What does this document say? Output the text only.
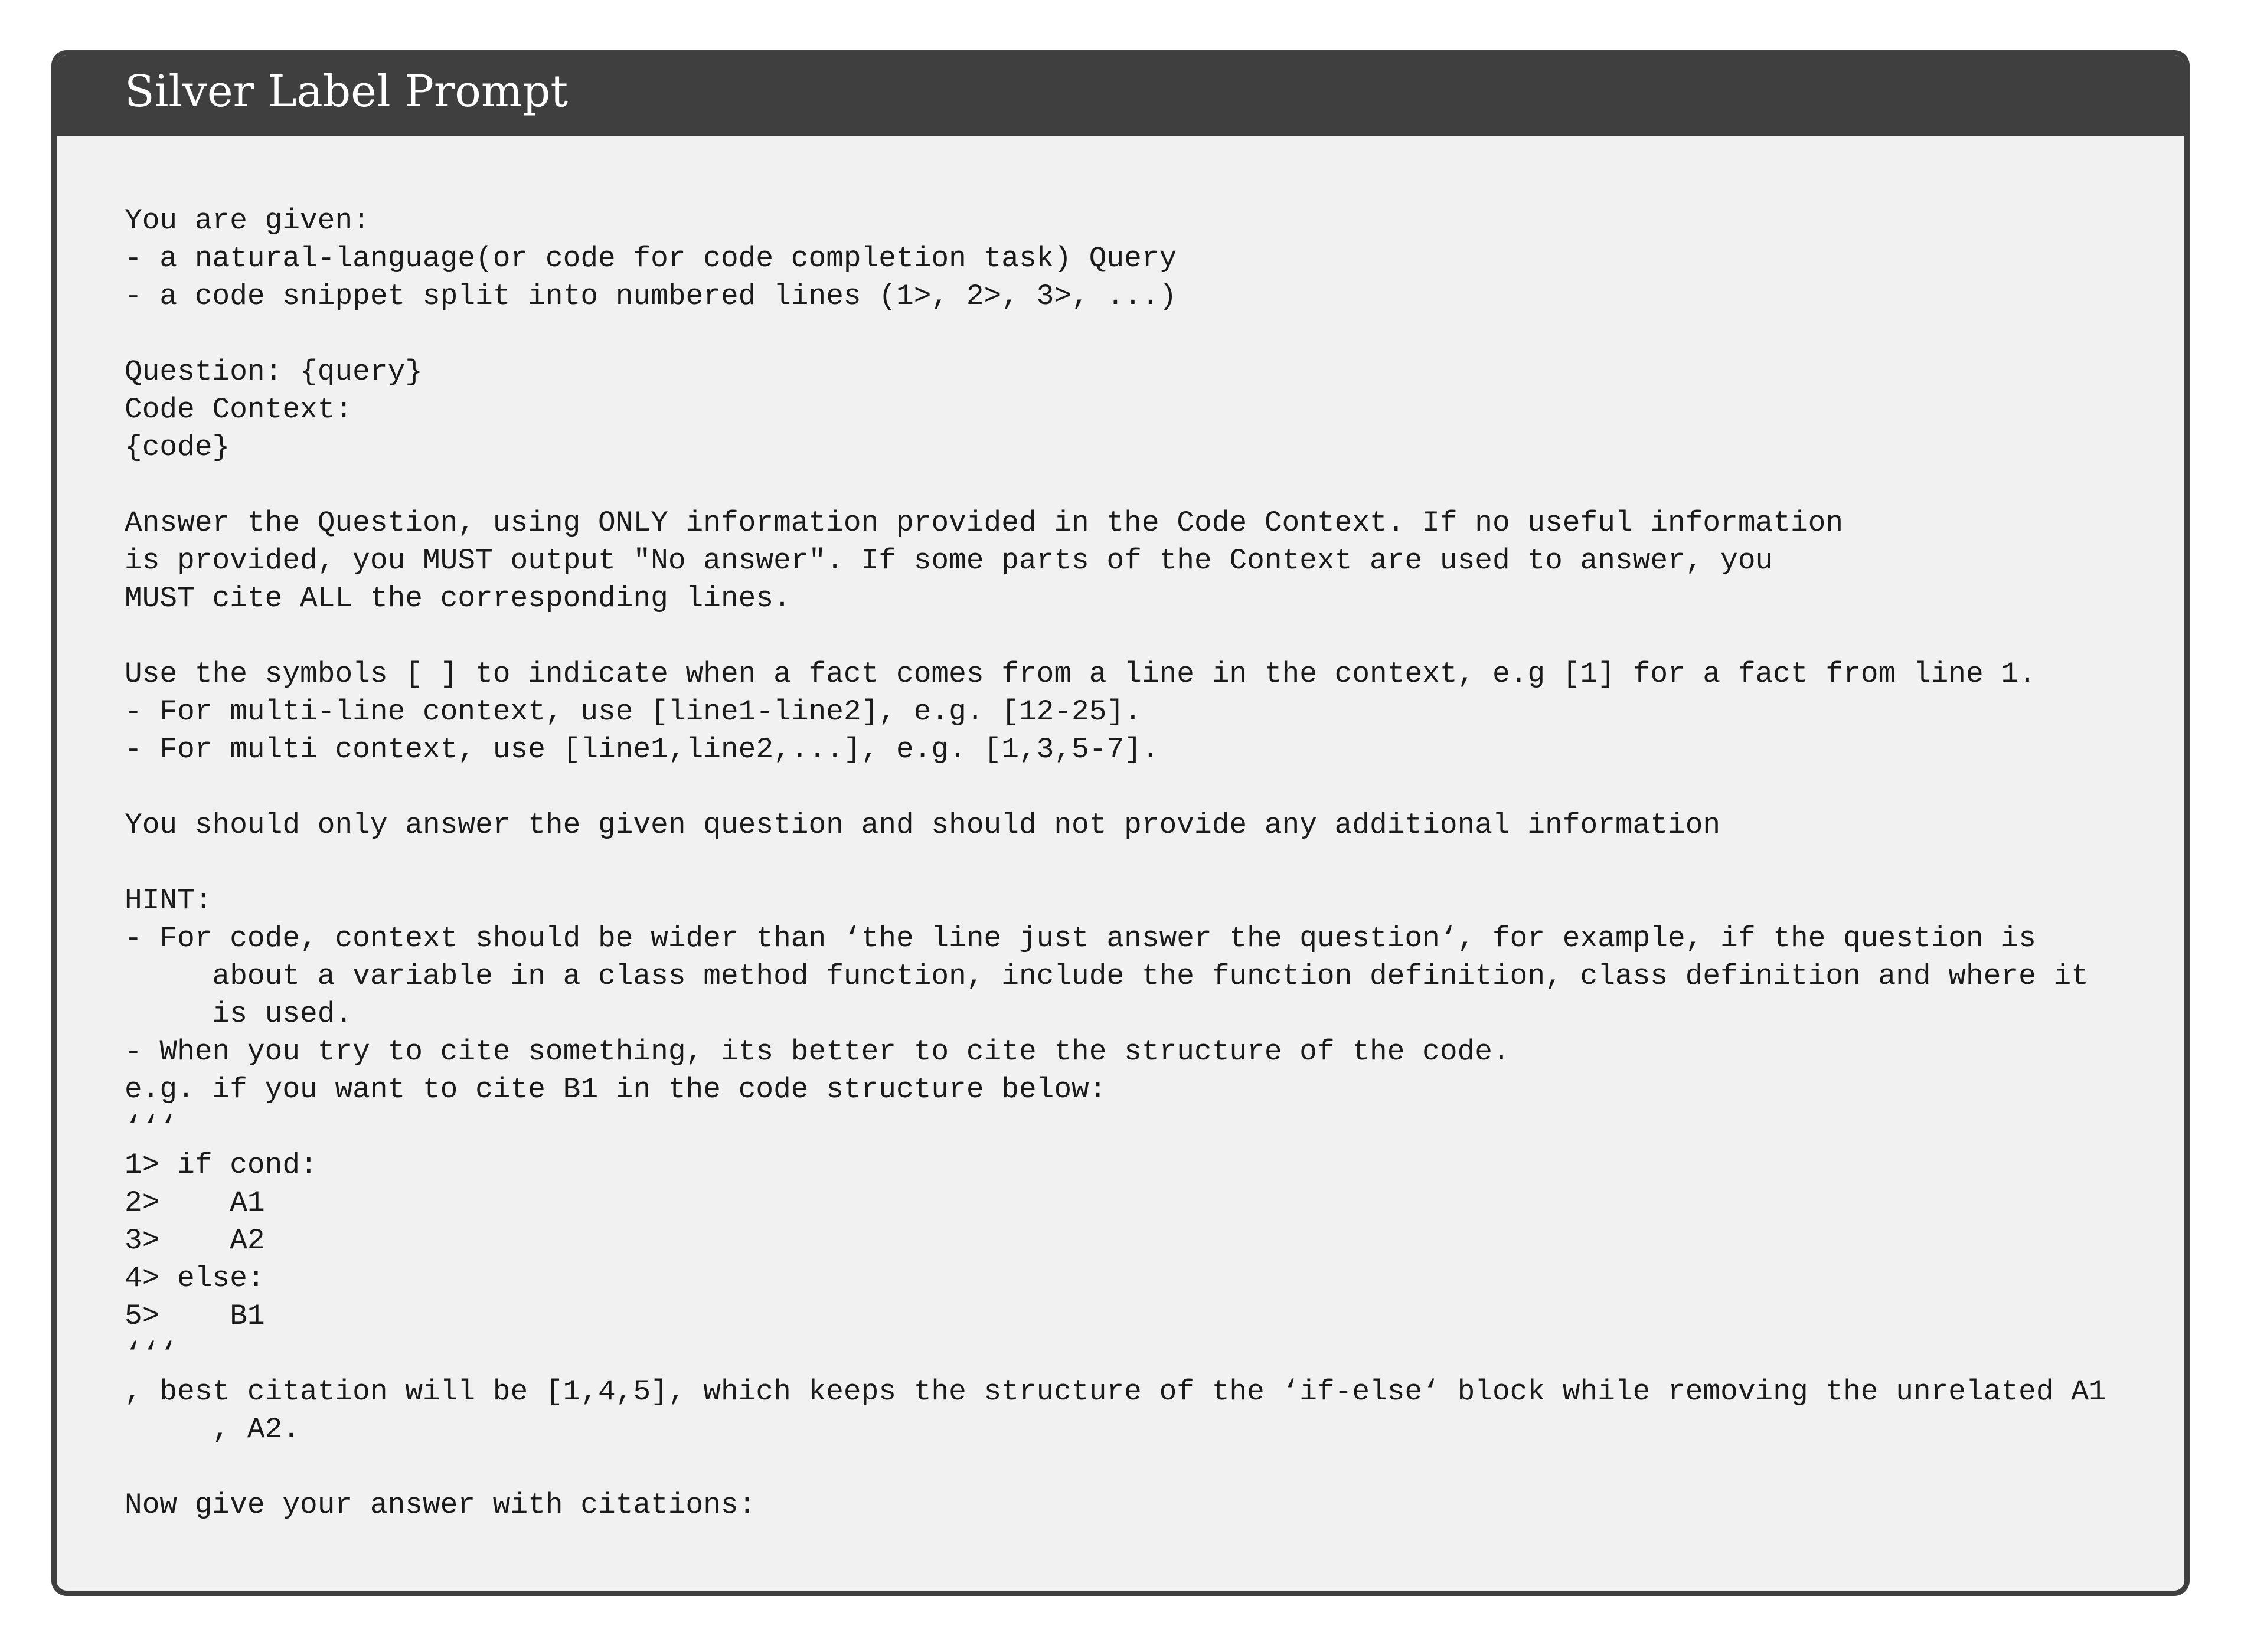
Silver Label Prompt
You are given:
- a natural-language(or code for code completion task) Query
- a code snippet split into numbered lines (1>, 2>, 3>, ...)
Question: {query}
Code Context:
{code}
Answer the Question, using ONLY information provided in the Code Context. If no useful information
is provided, you MUST output "No answer". If some parts of the Context are used to answer, you
MUST cite ALL the corresponding lines.
Use the symbols [ ] to indicate when a fact comes from a line in the context, e.g [1] for a fact from line 1.
- For multi-line context, use [line1-line2], e.g. [12-25].
- For multi context, use [line1,line2,...], e.g. [1,3,5-7].
You should only answer the given question and should not provide any additional information
HINT:
- For code, context should be wider than ‘the line just answer the question‘, for example, if the question is
about a variable in a class method function, include the function definition, class definition and where it
is used.
- When you try to cite something, its better to cite the structure of the code.
e.g. if you want to cite B1 in the code structure below:
‘‘‘
1> if cond:
2>    A1
3>    A2
4> else:
5>    B1
‘‘‘
, best citation will be [1,4,5], which keeps the structure of the ‘if-else‘ block while removing the unrelated A1
, A2.
Now give your answer with citations:
